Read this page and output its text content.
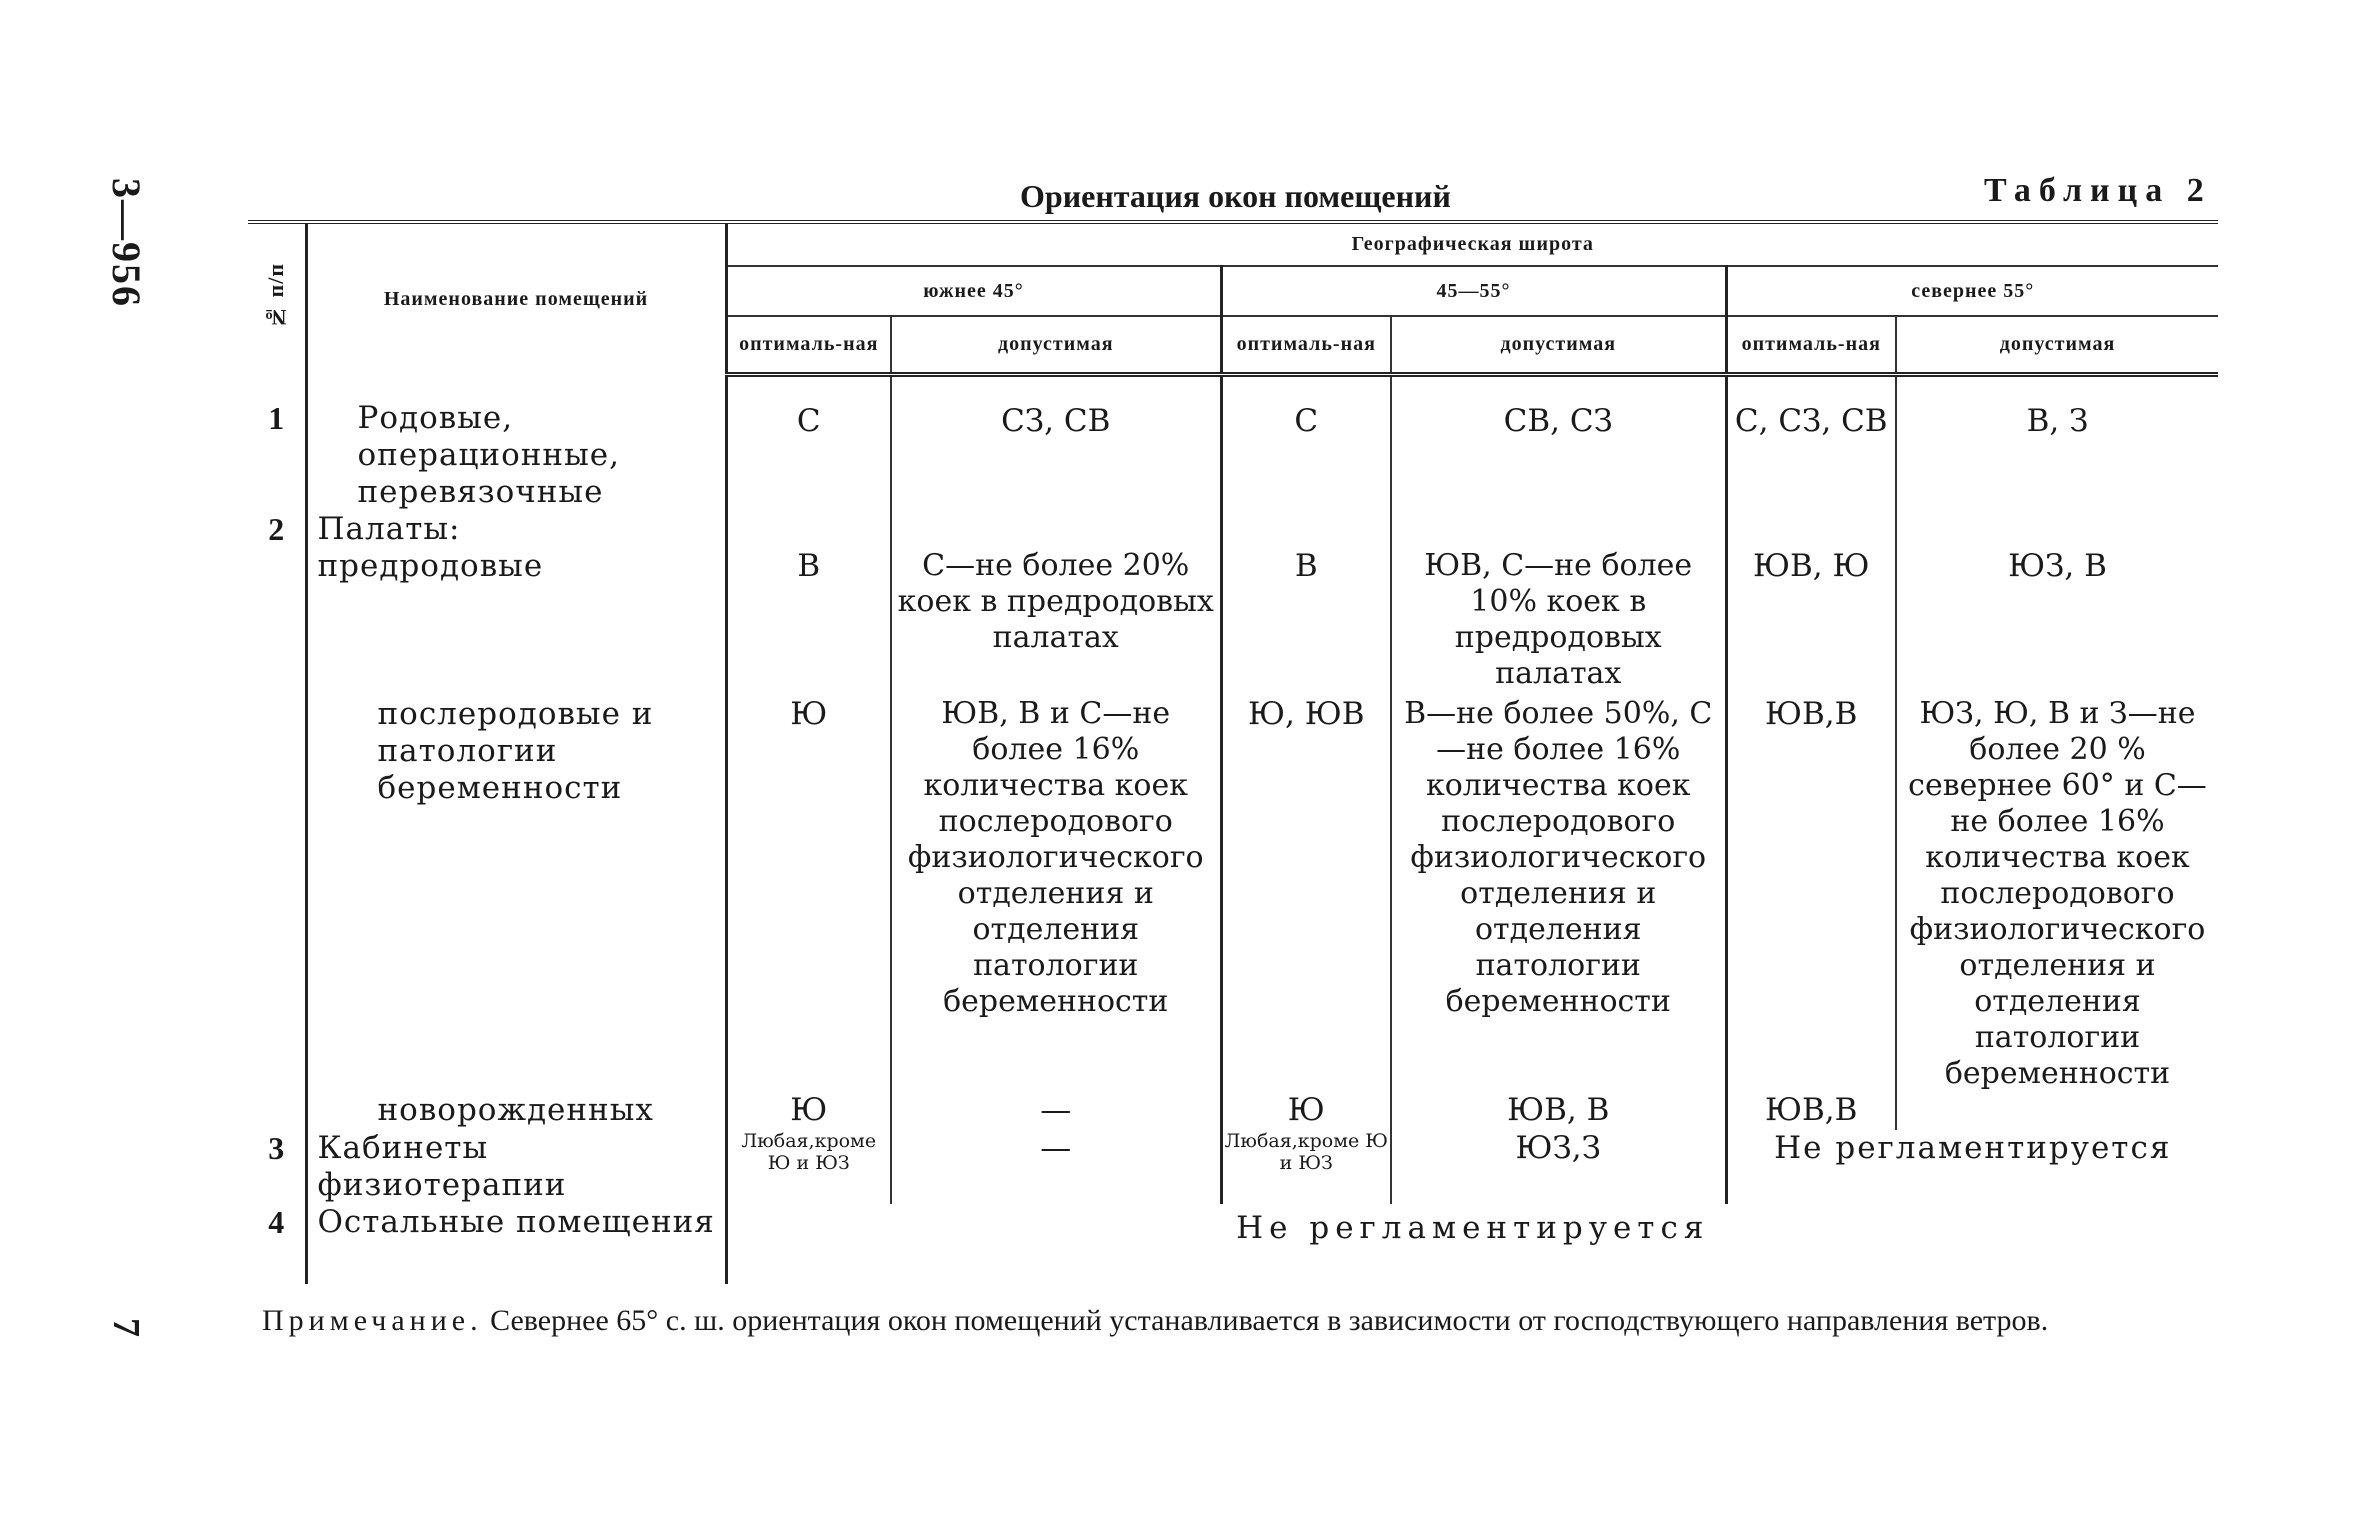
3—956
7
Ориентация окон помещений	Таблица 2
№ п/п	Наименование помещений	Географическая широта					
		южнее 45°		45—55°		севернее 55°	
		оптималь-ная	допустимая	оптималь-ная	допустимая	оптималь-ная	допустимая
1	Родовые, операционные, перевязочные	С	СЗ, СВ	С	СВ, СЗ	С, СЗ, СВ	В, З
2	Палаты:
предродовые	В	С—не более 20% коек в предродовых палатах	В	ЮВ, С—не более 10% коек в предродовых палатах	ЮВ, Ю	ЮЗ, В
	послеродовые и патологии беременности	Ю	ЮВ, В и С—не более 16% количества коек послеродового физиологического отделения и отделения патологии беременности	Ю, ЮВ	В—не более 50%, С—не более 16% количества коек послеродового физиологического отделения и отделения патологии беременности	ЮВ,В	ЮЗ, Ю, В и З—не более 20 % севернее 60° и С—не более 16% количества коек послеродового физиологического отделения и отделения патологии беременности
	новорожденных	Ю	—	Ю	ЮВ, В	ЮВ,В	
3	Кабинеты физиотерапии	Любая,кроме Ю и ЮЗ	—	Любая,кроме Ю и ЮЗ	ЮЗ,З	Не регламентируется	
4	Остальные помещения	Не регламентируется					
Примечание. Севернее 65° с. ш. ориентация окон помещений устанавливается в зависимости от господствующего направления ветров.
